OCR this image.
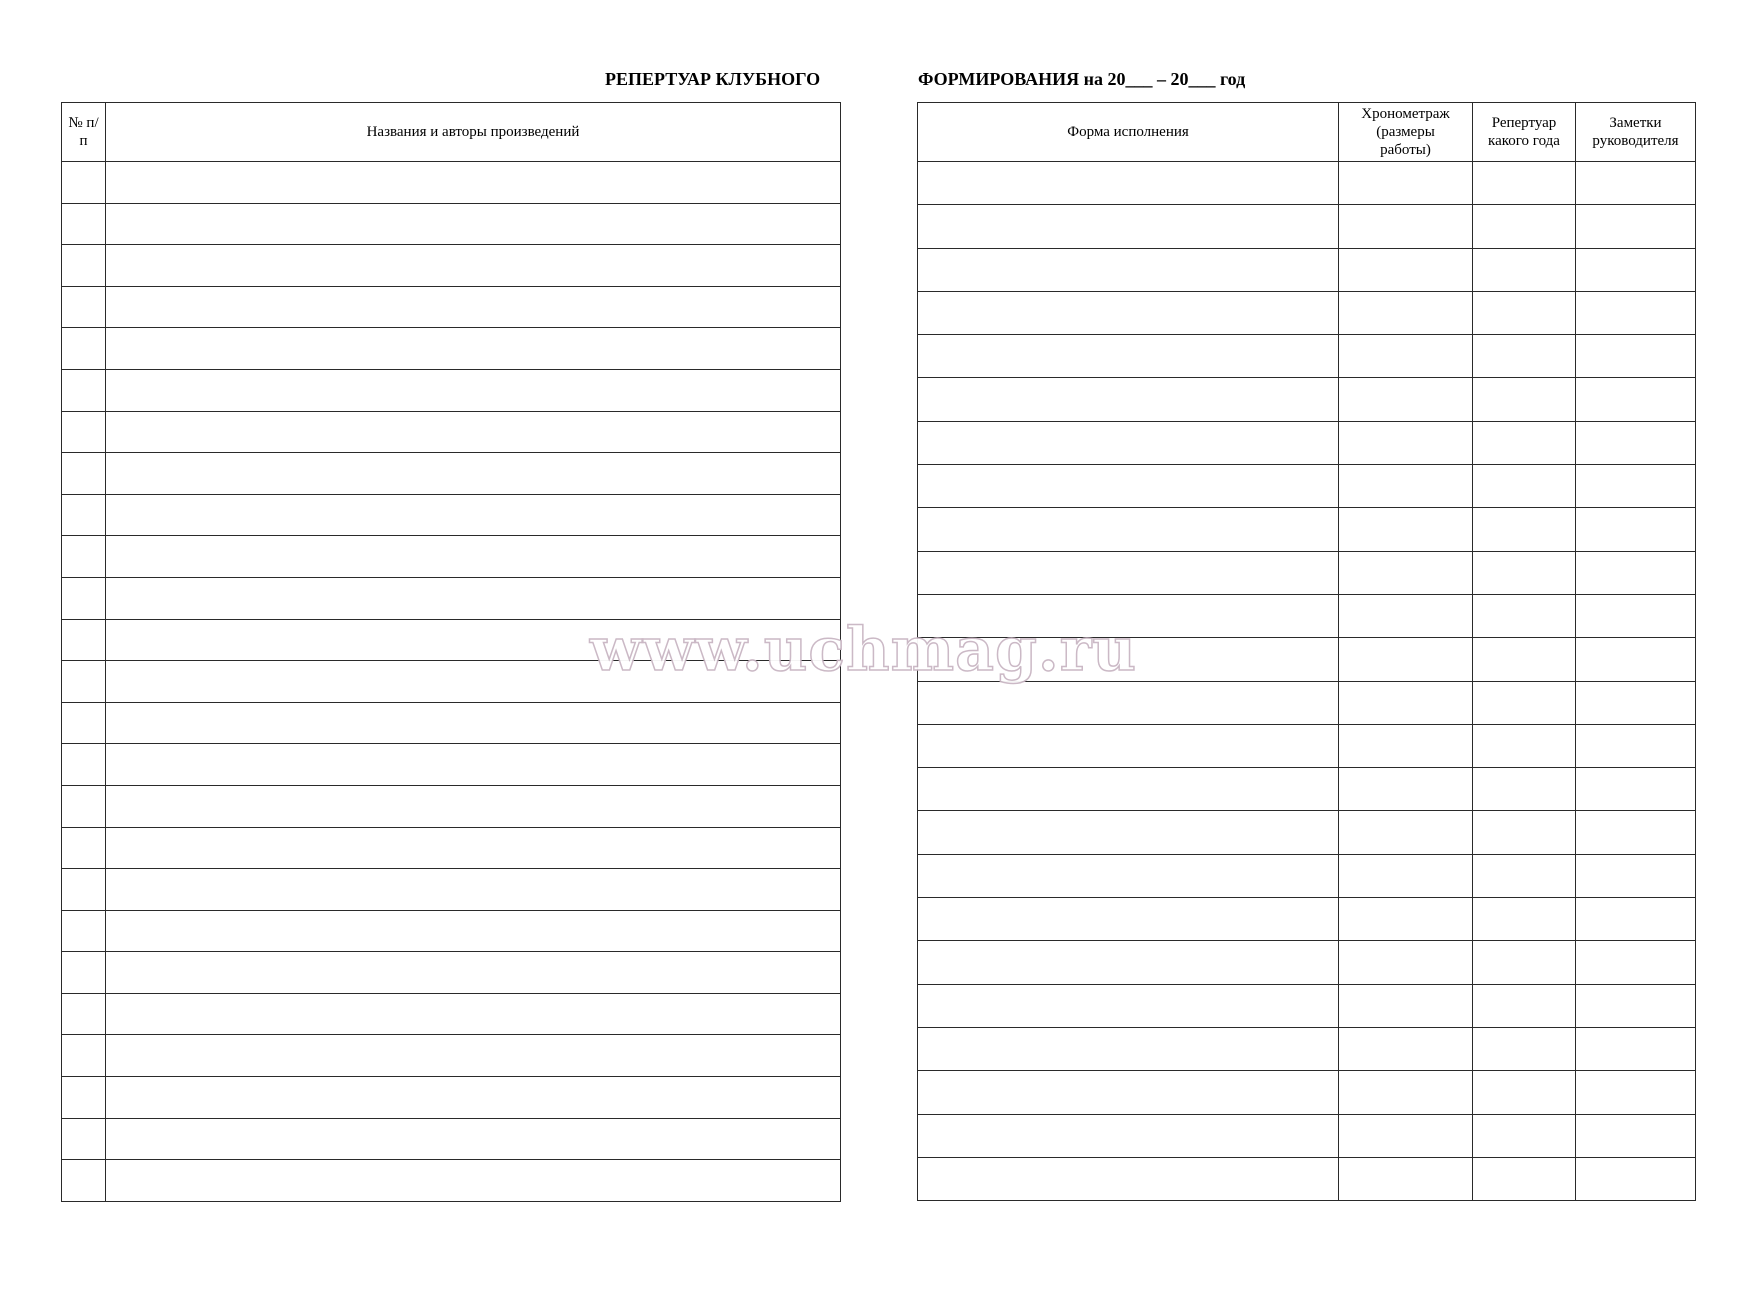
РЕПЕРТУАР КЛУБНОГО	ФОРМИРОВАНИЯ на 20___ – 20___ год
№ п/п	Названия и авторы произведений

		Форма исполнения	Хронометраж (размеры работы)	Репертуар какого года	Заметки руководителя

www.uchmag.ru
